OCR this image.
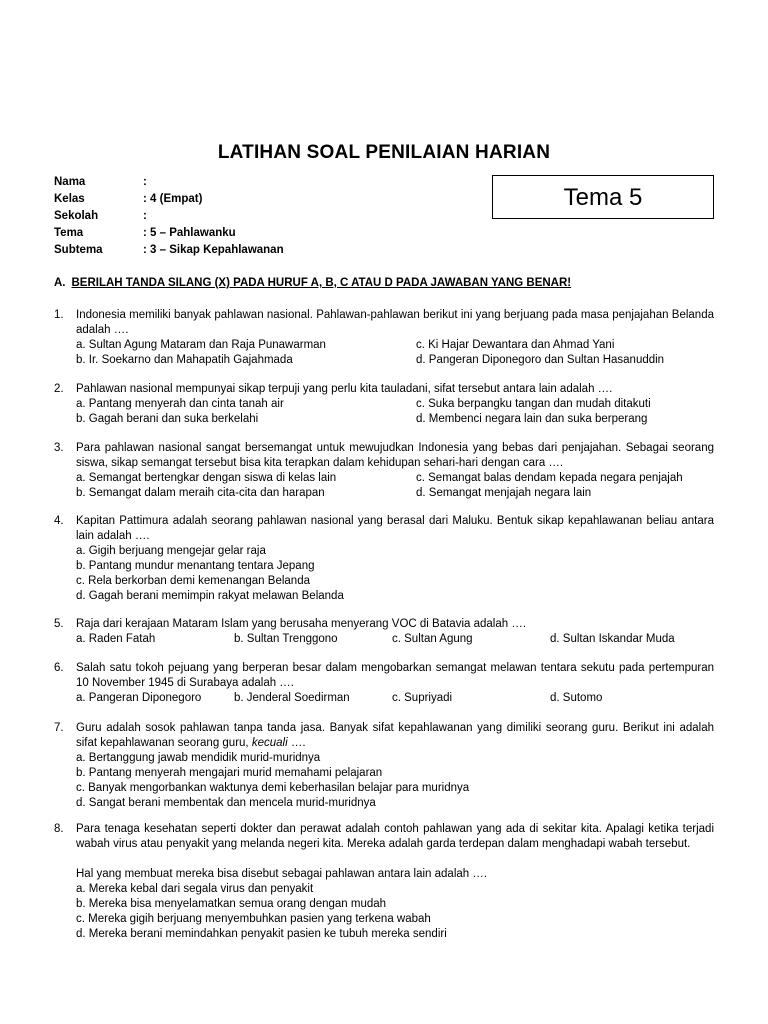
LATIHAN SOAL PENILAIAN HARIAN
Nama	:
Kelas	: 4 (Empat)
Sekolah	:
Tema	: 5 – Pahlawanku
Subtema	: 3 – Sikap Kepahlawanan
Tema 5
A. BERILAH TANDA SILANG (X) PADA HURUF A, B, C ATAU D PADA JAWABAN YANG BENAR!
1.	Indonesia memiliki banyak pahlawan nasional. Pahlawan-pahlawan berikut ini yang berjuang pada masa penjajahan Belanda adalah ….
a. Sultan Agung Mataram dan Raja Punawarman	c. Ki Hajar Dewantara dan Ahmad Yani
b. Ir. Soekarno dan Mahapatih Gajahmada	d. Pangeran Diponegoro dan Sultan Hasanuddin
2.	Pahlawan nasional mempunyai sikap terpuji yang perlu kita tauladani, sifat tersebut antara lain adalah ….
a. Pantang menyerah dan cinta tanah air	c. Suka berpangku tangan dan mudah ditakuti
b. Gagah berani dan suka berkelahi	d. Membenci negara lain dan suka berperang
3.	Para pahlawan nasional sangat bersemangat untuk mewujudkan Indonesia yang bebas dari penjajahan. Sebagai seorang siswa, sikap semangat tersebut bisa kita terapkan dalam kehidupan sehari-hari dengan cara ….
a. Semangat bertengkar dengan siswa di kelas lain	c. Semangat balas dendam kepada negara penjajah
b. Semangat dalam meraih cita-cita dan harapan	d. Semangat menjajah negara lain
4.	Kapitan Pattimura adalah seorang pahlawan nasional yang berasal dari Maluku. Bentuk sikap kepahlawanan beliau antara lain adalah ….
a. Gigih berjuang mengejar gelar raja
b. Pantang mundur menantang tentara Jepang
c. Rela berkorban demi kemenangan Belanda
d. Gagah berani memimpin rakyat melawan Belanda
5.	Raja dari kerajaan Mataram Islam yang berusaha menyerang VOC di Batavia adalah ….
a. Raden Fatah	b. Sultan Trenggono	c. Sultan Agung	d. Sultan Iskandar Muda
6.	Salah satu tokoh pejuang yang berperan besar dalam mengobarkan semangat melawan tentara sekutu pada pertempuran 10 November 1945 di Surabaya adalah ….
a. Pangeran Diponegoro	b. Jenderal Soedirman	c. Supriyadi	d. Sutomo
7.	Guru adalah sosok pahlawan tanpa tanda jasa. Banyak sifat kepahlawanan yang dimiliki seorang guru. Berikut ini adalah sifat kepahlawanan seorang guru, kecuali ….
a. Bertanggung jawab mendidik murid-muridnya
b. Pantang menyerah mengajari murid memahami pelajaran
c. Banyak mengorbankan waktunya demi keberhasilan belajar para muridnya
d. Sangat berani membentak dan mencela murid-muridnya
8.	Para tenaga kesehatan seperti dokter dan perawat adalah contoh pahlawan yang ada di sekitar kita. Apalagi ketika terjadi wabah virus atau penyakit yang melanda negeri kita. Mereka adalah garda terdepan dalam menghadapi wabah tersebut.
Hal yang membuat mereka bisa disebut sebagai pahlawan antara lain adalah ….
a. Mereka kebal dari segala virus dan penyakit
b. Mereka bisa menyelamatkan semua orang dengan mudah
c. Mereka gigih berjuang menyembuhkan pasien yang terkena wabah
d. Mereka berani memindahkan penyakit pasien ke tubuh mereka sendiri
